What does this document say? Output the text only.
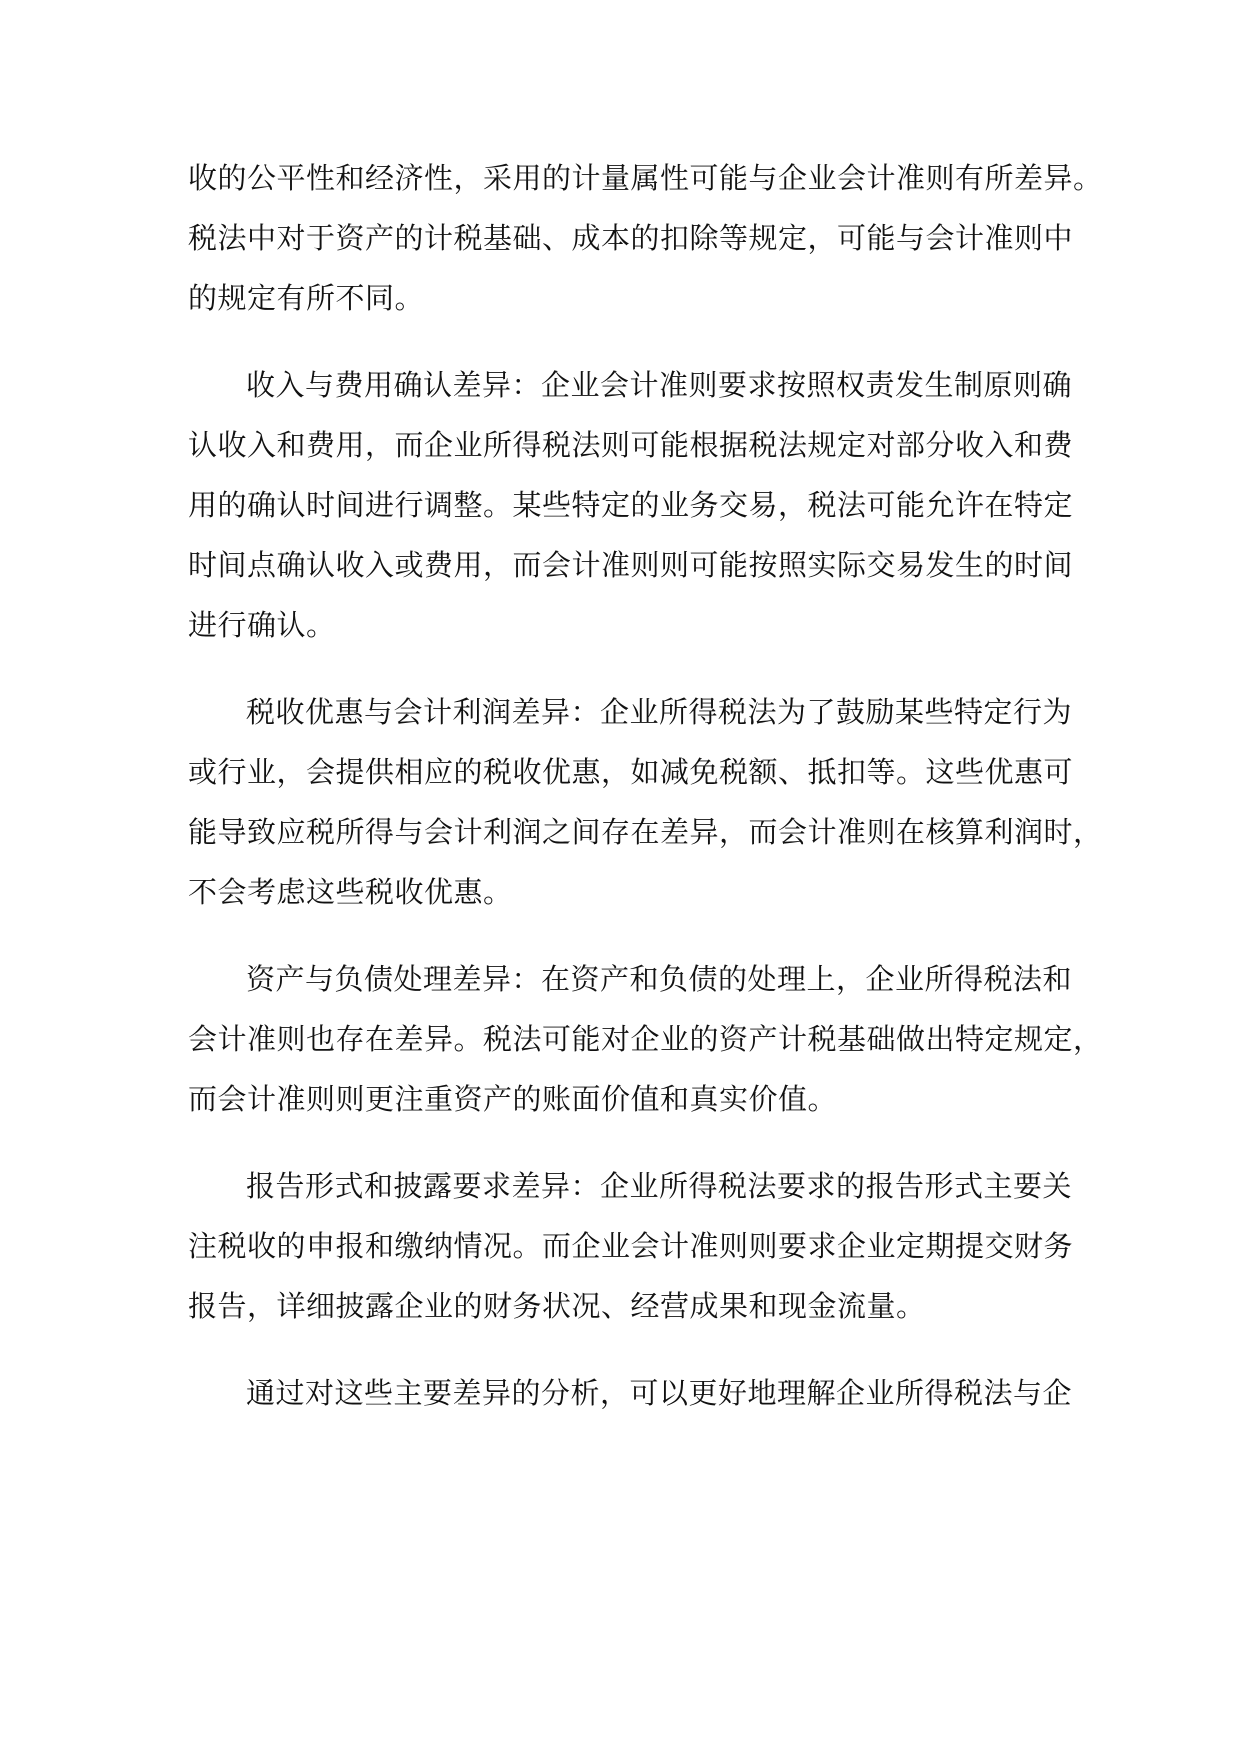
收的公平性和经济性，采用的计量属性可能与企业会计准则有所差异。
税法中对于资产的计税基础、成本的扣除等规定，可能与会计准则中
的规定有所不同。
收入与费用确认差异：企业会计准则要求按照权责发生制原则确
认收入和费用，而企业所得税法则可能根据税法规定对部分收入和费
用的确认时间进行调整。某些特定的业务交易，税法可能允许在特定
时间点确认收入或费用，而会计准则则可能按照实际交易发生的时间
进行确认。
税收优惠与会计利润差异：企业所得税法为了鼓励某些特定行为
或行业，会提供相应的税收优惠，如减免税额、抵扣等。这些优惠可
能导致应税所得与会计利润之间存在差异，而会计准则在核算利润时，
不会考虑这些税收优惠。
资产与负债处理差异：在资产和负债的处理上，企业所得税法和
会计准则也存在差异。税法可能对企业的资产计税基础做出特定规定，
而会计准则则更注重资产的账面价值和真实价值。
报告形式和披露要求差异：企业所得税法要求的报告形式主要关
注税收的申报和缴纳情况。而企业会计准则则要求企业定期提交财务
报告，详细披露企业的财务状况、经营成果和现金流量。
通过对这些主要差异的分析，可以更好地理解企业所得税法与企
